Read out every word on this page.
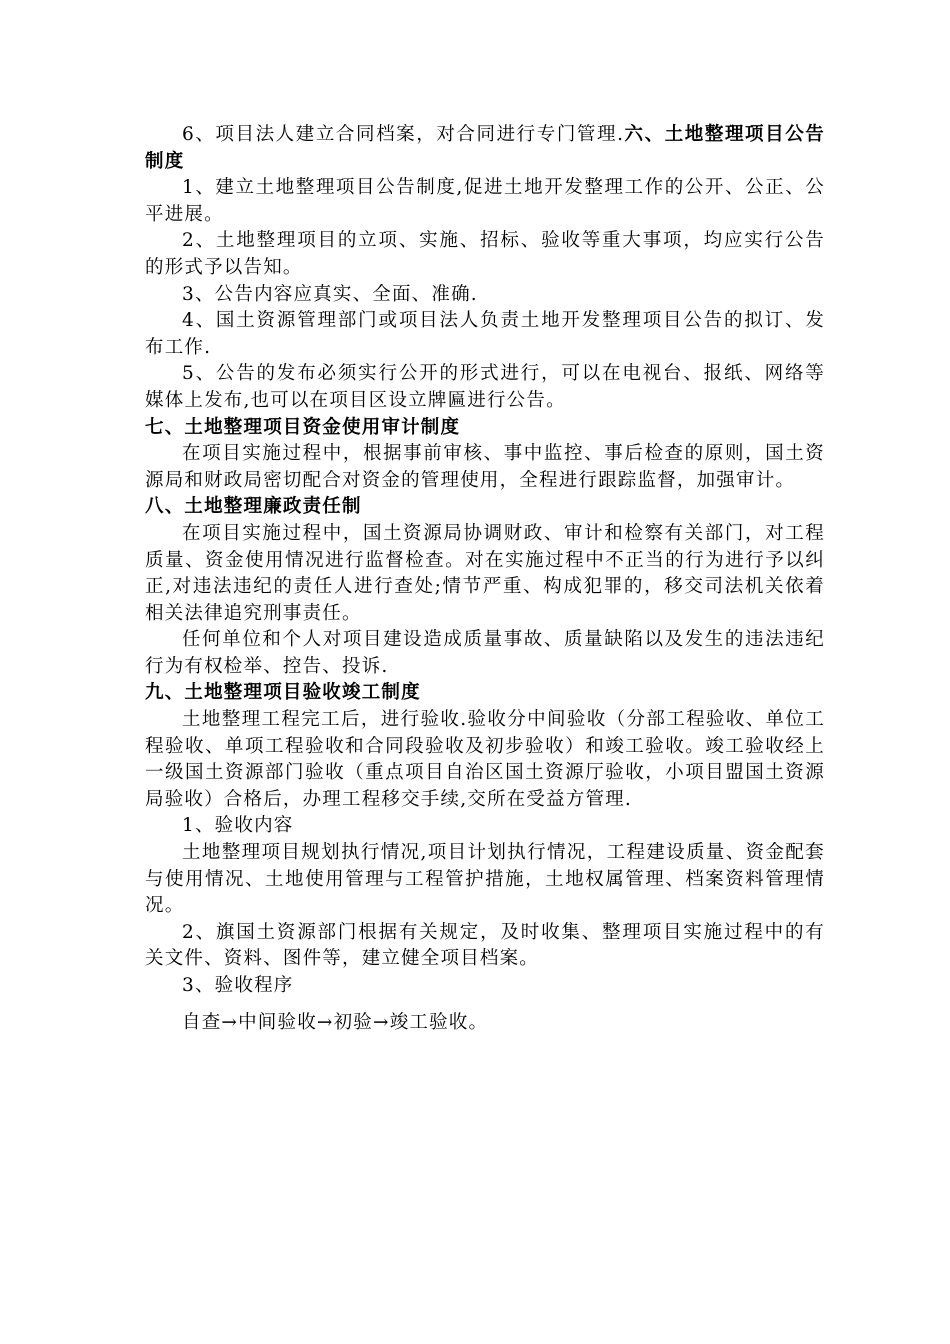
6、项目法人建立合同档案，对合同进行专门管理.六、土地整理项目公告制度

1、建立土地整理项目公告制度,促进土地开发整理工作的公开、公正、公平进展。

2、土地整理项目的立项、实施、招标、验收等重大事项，均应实行公告的形式予以告知。

3、公告内容应真实、全面、准确.

4、国土资源管理部门或项目法人负责土地开发整理项目公告的拟订、发布工作.

5、公告的发布必须实行公开的形式进行，可以在电视台、报纸、网络等媒体上发布,也可以在项目区设立牌匾进行公告。

七、土地整理项目资金使用审计制度

在项目实施过程中，根据事前审核、事中监控、事后检查的原则，国土资源局和财政局密切配合对资金的管理使用，全程进行跟踪监督，加强审计。

八、土地整理廉政责任制

在项目实施过程中，国土资源局协调财政、审计和检察有关部门，对工程质量、资金使用情况进行监督检查。对在实施过程中不正当的行为进行予以纠正,对违法违纪的责任人进行查处;情节严重、构成犯罪的，移交司法机关依着相关法律追究刑事责任。

任何单位和个人对项目建设造成质量事故、质量缺陷以及发生的违法违纪行为有权检举、控告、投诉.

九、土地整理项目验收竣工制度

土地整理工程完工后，进行验收.验收分中间验收（分部工程验收、单位工程验收、单项工程验收和合同段验收及初步验收）和竣工验收。竣工验收经上一级国土资源部门验收（重点项目自治区国土资源厅验收，小项目盟国土资源局验收）合格后，办理工程移交手续,交所在受益方管理.

1、验收内容

土地整理项目规划执行情况,项目计划执行情况，工程建设质量、资金配套与使用情况、土地使用管理与工程管护措施，土地权属管理、档案资料管理情况。

2、旗国土资源部门根据有关规定，及时收集、整理项目实施过程中的有关文件、资料、图件等，建立健全项目档案。

3、验收程序

自查→中间验收→初验→竣工验收。
